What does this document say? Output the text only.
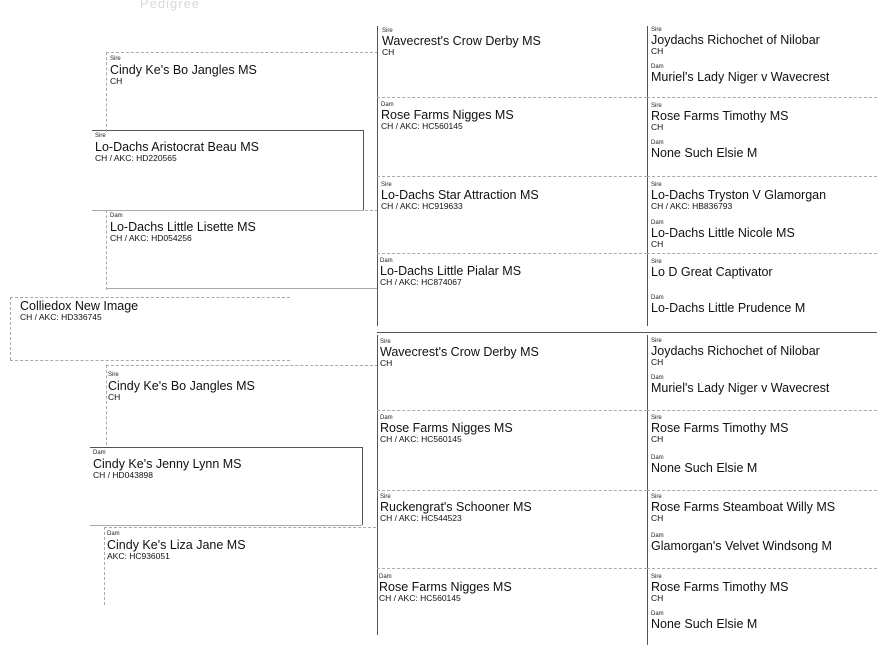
Pedigree
Colliedox New Image
CH / AKC: HD336745
Sire
Lo-Dachs Aristocrat Beau MS
CH / AKC: HD220565
Dam
Cindy Ke's Jenny Lynn MS
CH / HD043898
Sire
Cindy Ke's Bo Jangles MS
CH
Dam
Lo-Dachs Little Lisette MS
CH / AKC: HD054256
Sire
Cindy Ke's Bo Jangles MS
CH
Dam
Cindy Ke's Liza Jane MS
AKC: HC936051
Sire
Wavecrest's Crow Derby MS
CH
Dam
Rose Farms Nigges MS
CH / AKC: HC560145
Sire
Lo-Dachs Star Attraction MS
CH / AKC: HC919633
Dam
Lo-Dachs Little Pialar MS
CH / AKC: HC874067
Sire
Wavecrest's Crow Derby MS
CH
Dam
Rose Farms Nigges MS
CH / AKC: HC560145
Sire
Ruckengrat's Schooner MS
CH / AKC: HC544523
Dam
Rose Farms Nigges MS
CH / AKC: HC560145
Sire
Joydachs Richochet of Nilobar
CH
Dam
Muriel's Lady Niger v Wavecrest
Sire
Rose Farms Timothy MS
CH
Dam
None Such Elsie M
Sire
Lo-Dachs Tryston V Glamorgan
CH / AKC: HB836793
Dam
Lo-Dachs Little Nicole MS
CH
Sire
Lo D Great Captivator
Dam
Lo-Dachs Little Prudence M
Sire
Joydachs Richochet of Nilobar
CH
Dam
Muriel's Lady Niger v Wavecrest
Sire
Rose Farms Timothy MS
CH
Dam
None Such Elsie M
Sire
Rose Farms Steamboat Willy MS
CH
Dam
Glamorgan's Velvet Windsong M
Sire
Rose Farms Timothy MS
CH
Dam
None Such Elsie M
